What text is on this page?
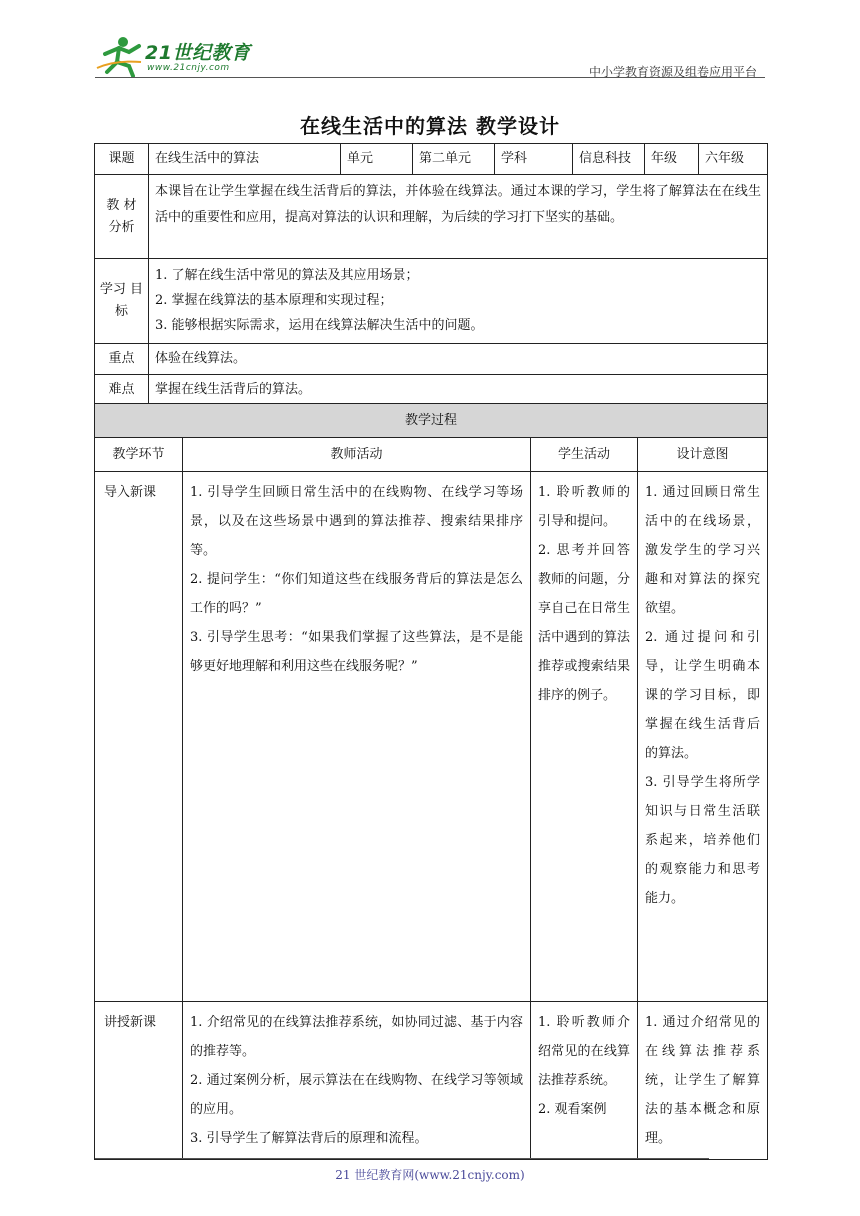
21世纪教育
www.21cnjy.com	中小学教育资源及组卷应用平台
在线生活中的算法 教学设计
课题	在线生活中的算法	单元	第二单元	学科	信息科技	年级	六年级
教 材 分析	本课旨在让学生掌握在线生活背后的算法，并体验在线算法。通过本课的学习，学生将了解算法在在线生活中的重要性和应用，提高对算法的认识和理解，为后续的学习打下坚实的基础。						
学习 目标	1. 了解在线生活中常见的算法及其应用场景；
2. 掌握在线算法的基本原理和实现过程；
3. 能够根据实际需求，运用在线算法解决生活中的问题。						

重点	体验在线算法。						
难点	掌握在线生活背后的算法。						
教学过程			
教学环节	教师活动	学生活动	设计意图
导入新课	1. 引导学生回顾日常生活中的在线购物、在线学习等场景，以及在这些场景中遇到的算法推荐、搜索结果排序等。
2. 提问学生：“你们知道这些在线服务背后的算法是怎么工作的吗？”
3. 引导学生思考：“如果我们掌握了这些算法，是不是能够更好地理解和利用这些在线服务呢？”	1. 聆听教师的引导和提问。
2. 思考并回答教师的问题，分享自己在日常生活中遇到的算法推荐或搜索结果排序的例子。	1. 通过回顾日常生活中的在线场景，激发学生的学习兴趣和对算法的探究欲望。
2. 通过提问和引导，让学生明确本课的学习目标，即掌握在线生活背后的算法。
3. 引导学生将所学知识与日常生活联系起来，培养他们的观察能力和思考能力。

讲授新课	1. 介绍常见的在线算法推荐系统，如协同过滤、基于内容的推荐等。
2. 通过案例分析，展示算法在在线购物、在线学习等领域的应用。
3. 引导学生了解算法背后的原理和流程。	1. 聆听教师介绍常见的在线算法推荐系统。
2. 观看案例	1. 通过介绍常见的在线算法推荐系统，让学生了解算法的基本概念和原理。
21 世纪教育网(www.21cnjy.com)
